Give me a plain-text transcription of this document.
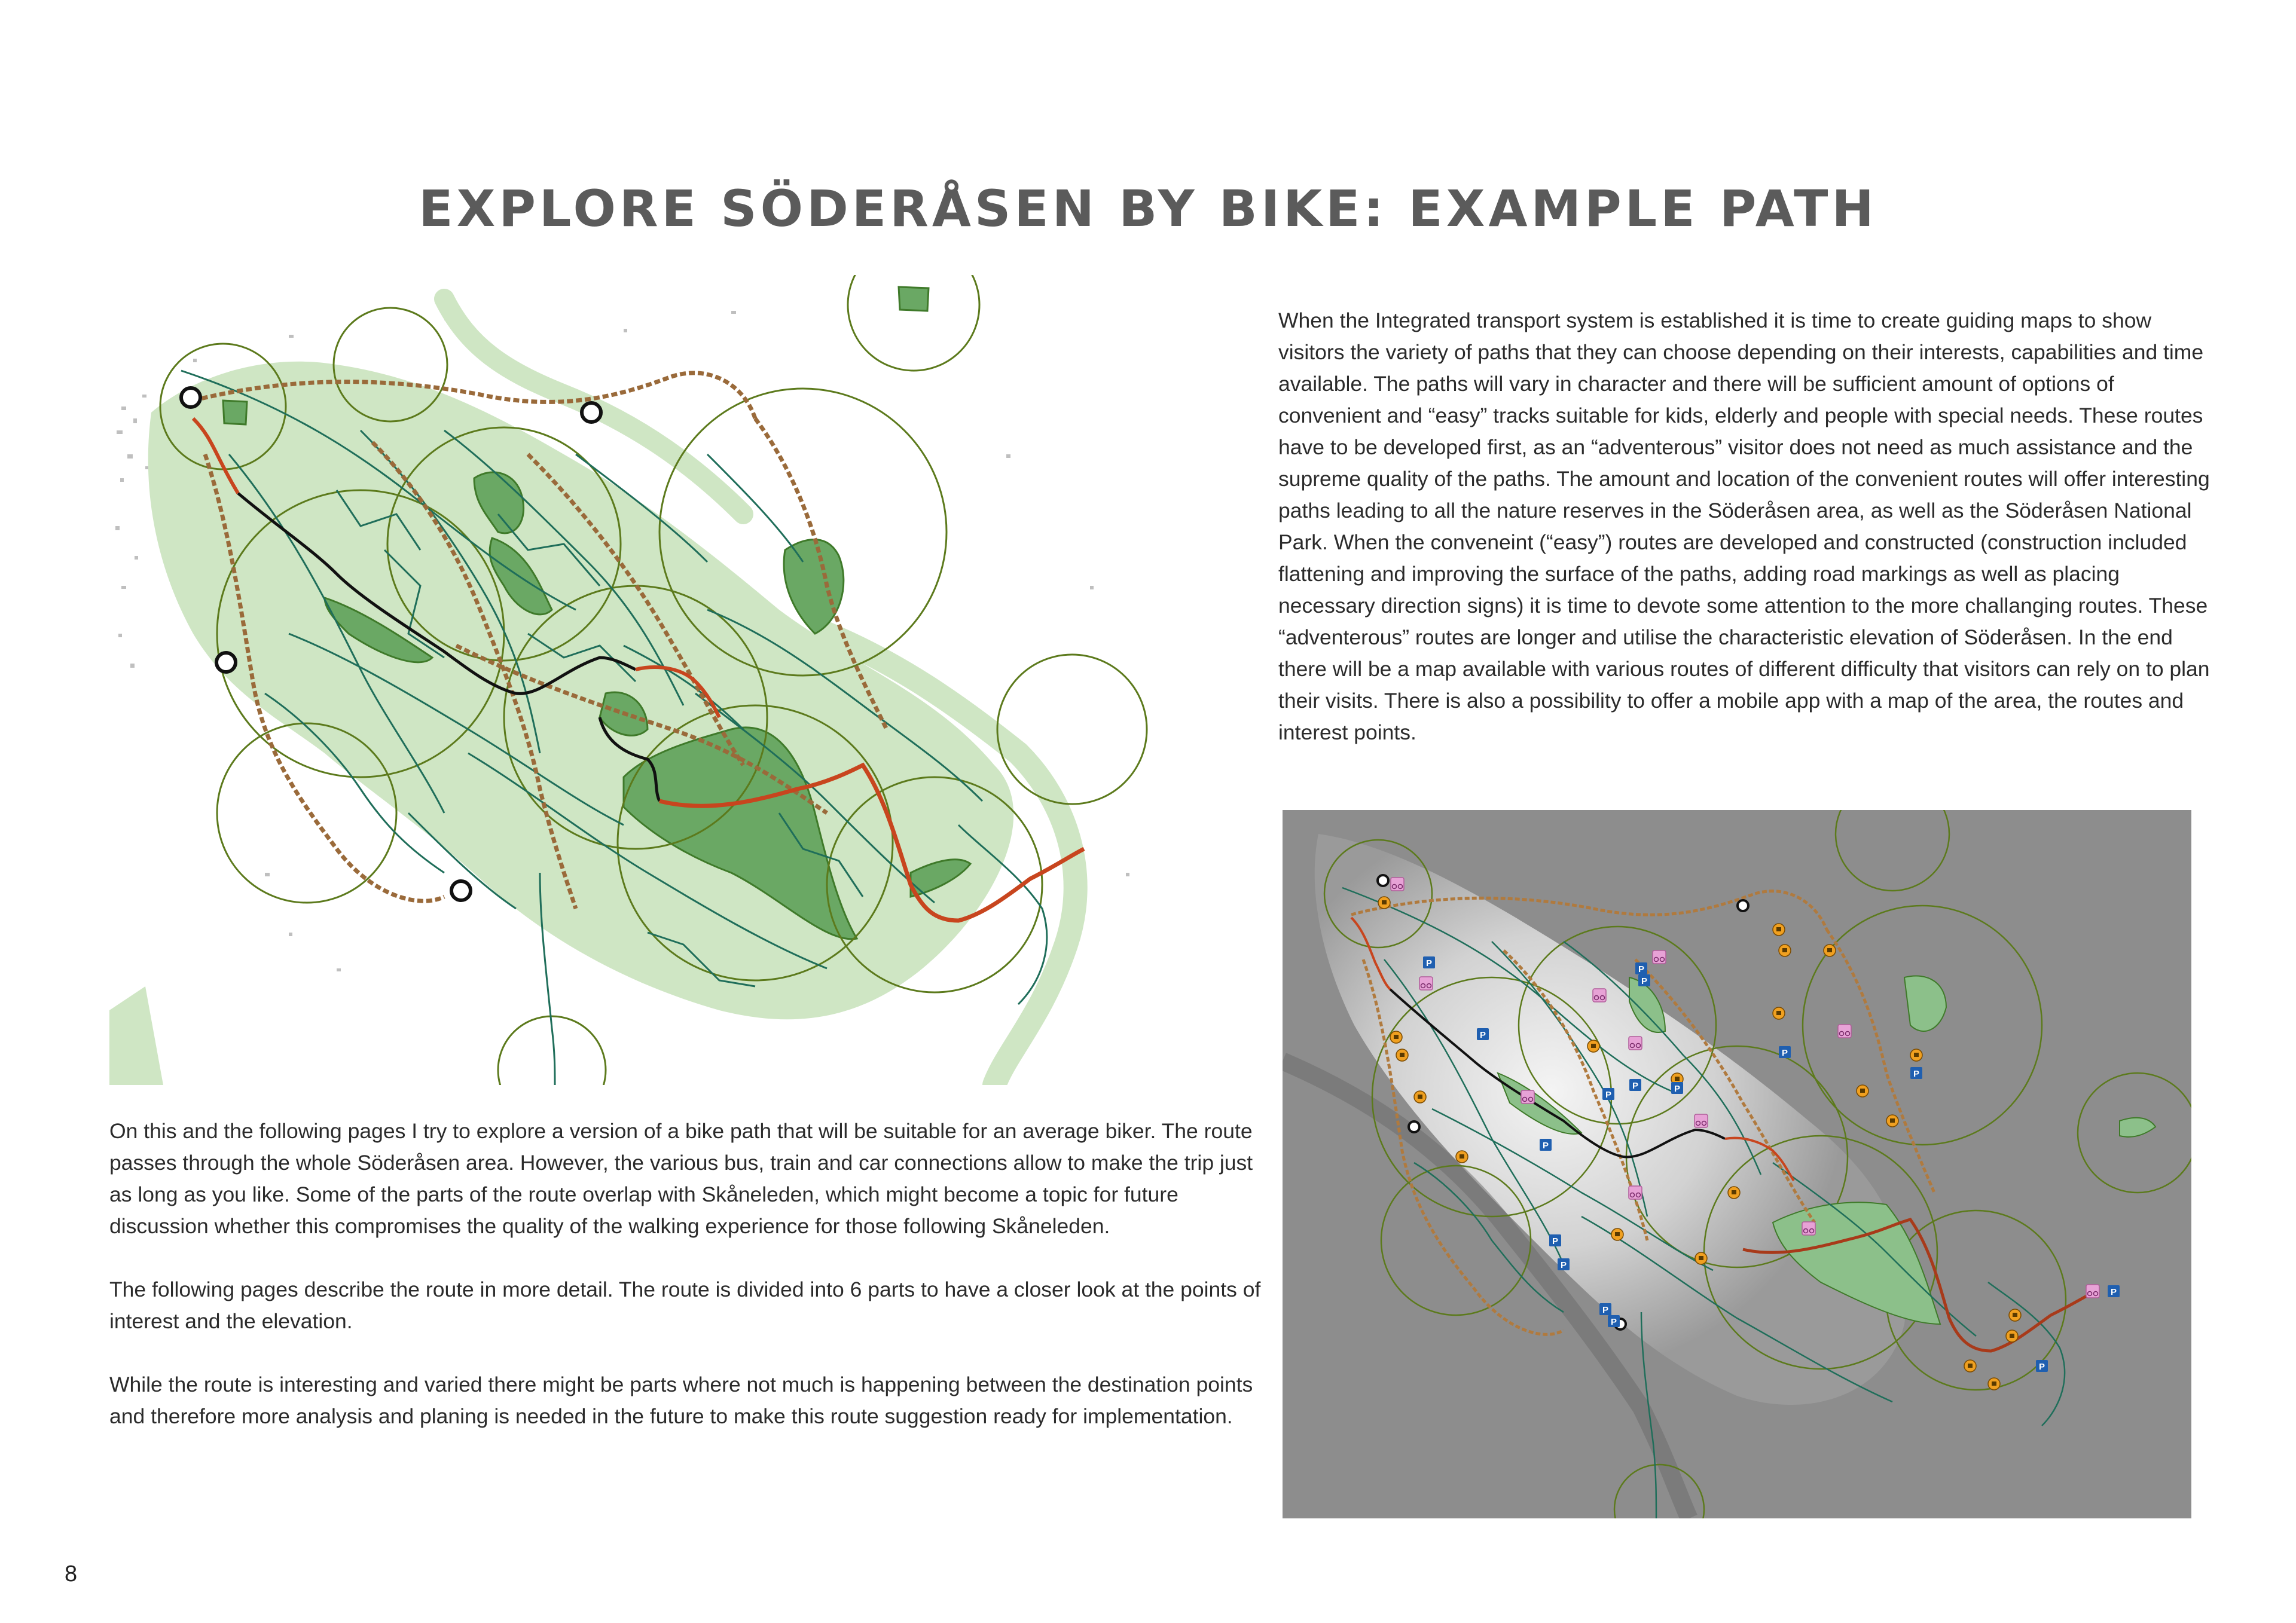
EXPLORE SÖDERÅSEN BY BIKE: EXAMPLE PATH

When the Integrated transport system is established it is time to create guiding maps to show visitors the variety of paths that they can choose depending on their interests, capabilities and time available. The paths will vary in character and there will be sufficient amount of options of convenient and “easy” tracks suitable for kids, elderly and people with special needs. These routes have to be developed first, as an “adventerous” visitor does not need as much assistance and the supreme quality of the paths. The amount and location of the convenient routes will offer interesting paths leading to all the nature reserves in the Söderåsen area, as well as the Söderåsen National Park. When the conveneint (“easy”) routes are developed and constructed (construction included flattening and improving the surface of the paths, adding road markings as well as placing necessary direction signs) it is time to devote some attention to the more challanging routes. These “adventerous” routes are longer and utilise the characteristic elevation of Söderåsen. In the end there will be a map available with various routes of different difficulty that visitors can rely on to plan their visits. There is also a possibility to offer a mobile app with a map of the area, the routes and interest points.

P
P
P
P
P
P
P
P
P
P
P
P
P
P
P
P

On this and the following pages I try to explore a version of a bike path that will be suitable for an average biker. The route passes through the whole Söderåsen area. However, the various bus, train and car connections allow to make the trip just as long as you like. Some of the parts of the route overlap with Skåneleden, which might become a topic for future discussion whether this compromises the quality of the walking experience for those following Skåneleden.

The following pages describe the route in more detail. The route is divided into 6 parts to have a closer look at the points of interest and the elevation.

While the route is interesting and varied there might be parts where not much is happening between the destination points and therefore more analysis and planing is needed in the future to make this route suggestion ready for implementation.

8
